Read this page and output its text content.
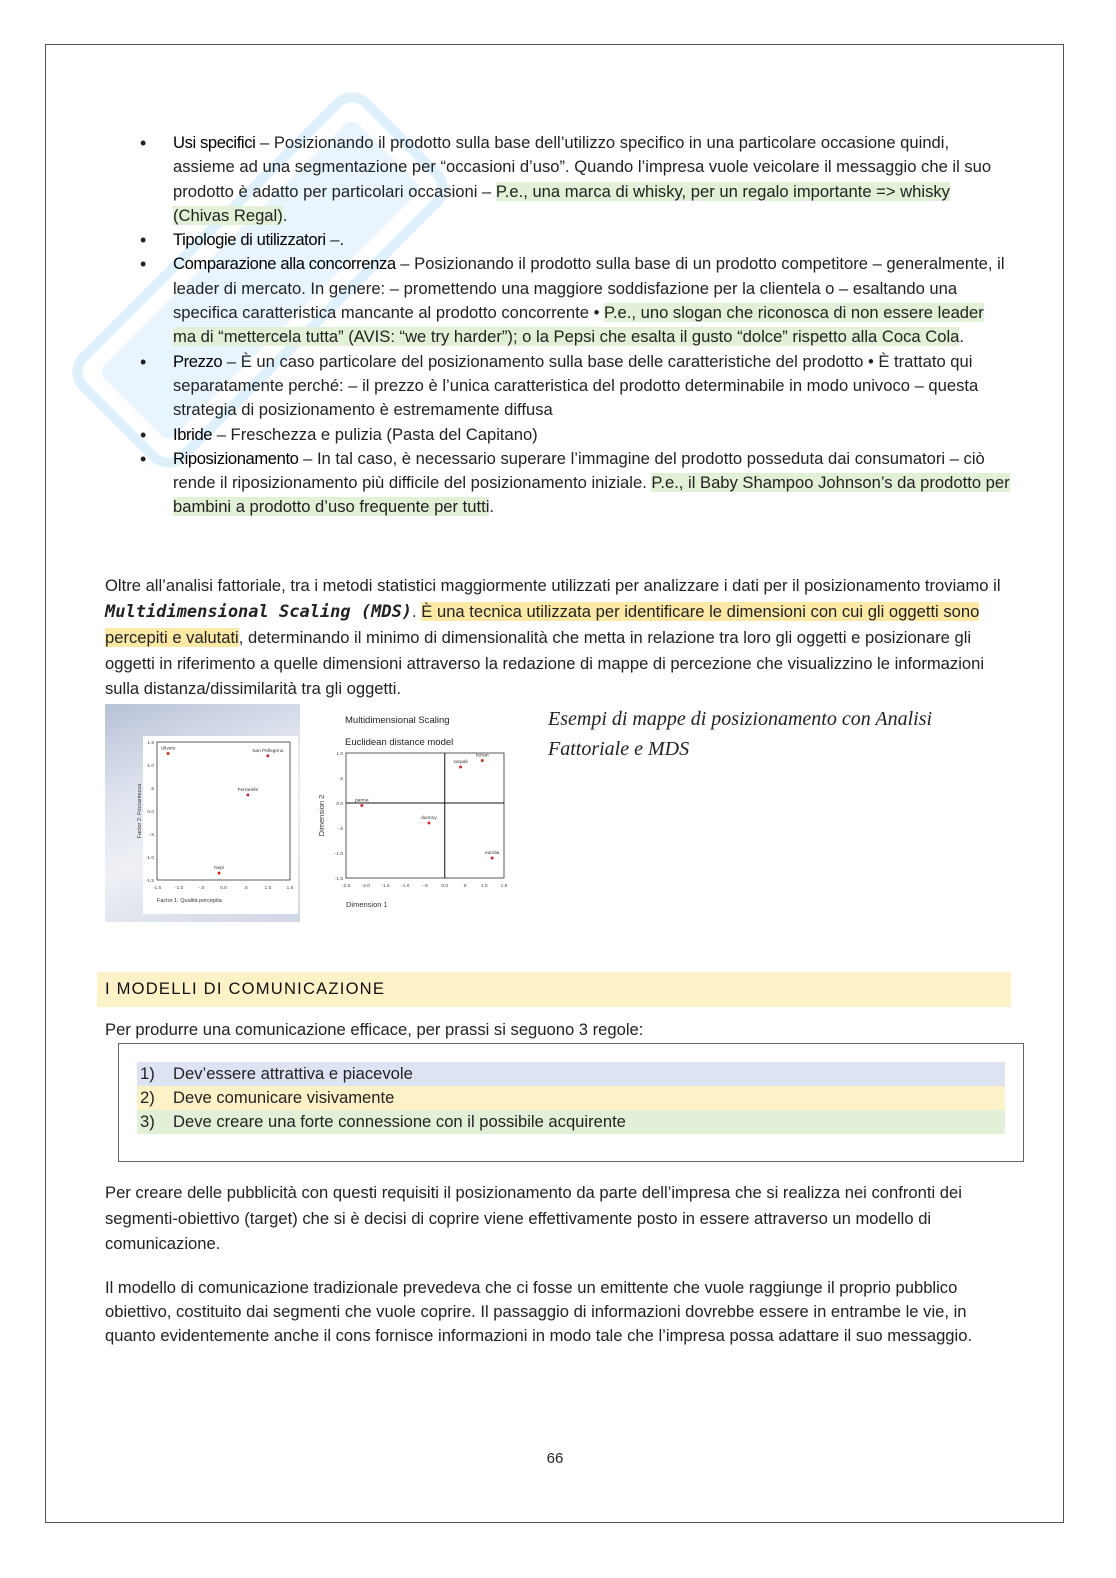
• Usi specifici – Posizionando il prodotto sulla base dell’utilizzo specifico in una particolare occasione quindi, assieme ad una segmentazione per “occasioni d’uso”. Quando l’impresa vuole veicolare il messaggio che il suo prodotto è adatto per particolari occasioni – P.e., una marca di whisky, per un regalo importante => whisky (Chivas Regal).
• Tipologie di utilizzatori –.
• Comparazione alla concorrenza – Posizionando il prodotto sulla base di un prodotto competitore – generalmente, il leader di mercato. In genere: – promettendo una maggiore soddisfazione per la clientela o – esaltando una specifica caratteristica mancante al prodotto concorrente • P.e., uno slogan che riconosca di non essere leader ma di “mettercela tutta” (AVIS: “we try harder”); o la Pepsi che esalta il gusto “dolce” rispetto alla Coca Cola.
• Prezzo – È un caso particolare del posizionamento sulla base delle caratteristiche del prodotto • È trattato qui separatamente perché: – il prezzo è l’unica caratteristica del prodotto determinabile in modo univoco – questa strategia di posizionamento è estremamente diffusa
• Ibride – Freschezza e pulizia (Pasta del Capitano)
• Riposizionamento – In tal caso, è necessario superare l’immagine del prodotto posseduta dai consumatori – ciò rende il riposizionamento più difficile del posizionamento iniziale. P.e., il Baby Shampoo Johnson’s da prodotto per bambini a prodotto d’uso frequente per tutti.

Oltre all’analisi fattoriale, tra i metodi statistici maggiormente utilizzati per analizzare i dati per il posizionamento troviamo il Multidimensional Scaling (MDS). È una tecnica utilizzata per identificare le dimensioni con cui gli oggetti sono percepiti e valutati, determinando il minimo di dimensionalità che metta in relazione tra loro gli oggetti e posizionare gli oggetti in riferimento a quelle dimensioni attraverso la redazione di mappe di percezione che visualizzino le informazioni sulla distanza/dissimilarità tra gli oggetti.

-1.5	-1.0	-.5	0.0	.5	1.0	1.5
1.5
1.0
.5
0.0
-.5
-1.0
-1.5
Uliveto	San Pellegrino
Ferrarelle
Nepi
Factor 1: Qualità percepita
Factor 2: Frizzantezza
-2.5 -2.0 -1.5 -1.0	-.5	0.0	.5	1.0	1.5
1.0
.5
0.0
-.5
-1.0
-1.5
ferrari
sarpall
parma
dummy
eurolia
Dimension 1
Dimension 2
Multidimensional Scaling
Euclidean distance model

Esempi di mappe di posizionamento con Analisi Fattoriale e MDS

I MODELLI DI COMUNICAZIONE

Per produrre una comunicazione efficace, per prassi si seguono 3 regole:

1) Dev’essere attrattiva e piacevole
2) Deve comunicare visivamente
3) Deve creare una forte connessione con il possibile acquirente

Per creare delle pubblicità con questi requisiti il posizionamento da parte dell’impresa che si realizza nei confronti dei segmenti-obiettivo (target) che si è decisi di coprire viene effettivamente posto in essere attraverso un modello di comunicazione.

Il modello di comunicazione tradizionale prevedeva che ci fosse un emittente che vuole raggiunge il proprio pubblico obiettivo, costituito dai segmenti che vuole coprire. Il passaggio di informazioni dovrebbe essere in entrambe le vie, in quanto evidentemente anche il cons fornisce informazioni in modo tale che l’impresa possa adattare il suo messaggio.

66
